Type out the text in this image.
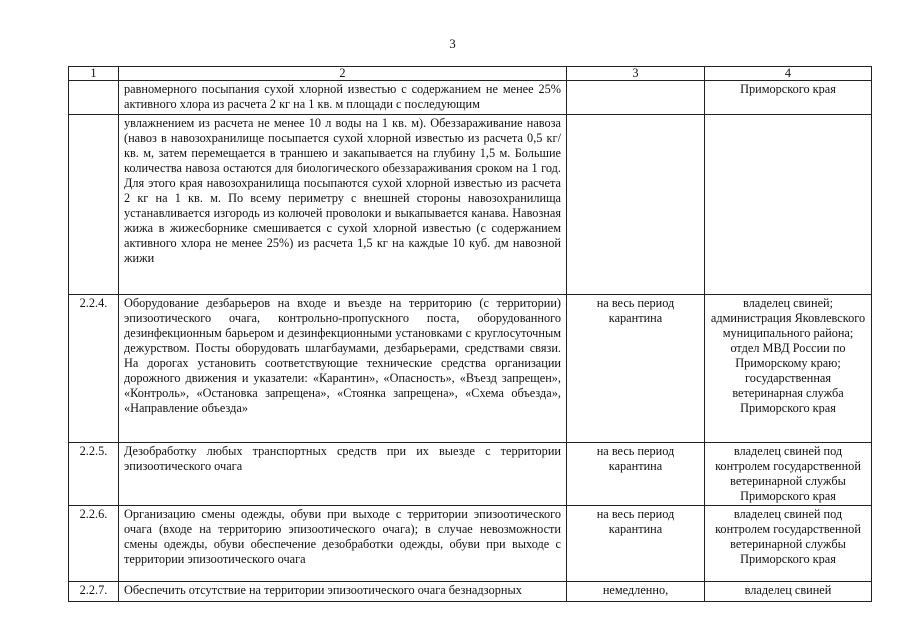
3
1	2	3	4
	равномерного посыпания сухой хлорной известью с содержанием не менее 25% активного хлора из расчета 2 кг на 1 кв. м площади с последующим		Приморского края
	увлажнением из расчета не менее 10 л воды на 1 кв. м). Обеззараживание навоза (навоз в навозохранилище посыпается сухой хлорной известью из расчета 0,5 кг/кв. м, затем перемещается в траншею и закапывается на глубину 1,5 м. Большие количества навоза остаются для биологического обеззараживания сроком на 1 год. Для этого края навозохранилища посыпаются сухой хлорной известью из расчета 2 кг на 1 кв. м. По всему периметру с внешней стороны навозохранилища устанавливается изгородь из колючей проволоки и выкапывается канава. Навозная жижа в жижесборнике смешивается с сухой хлорной известью (с содержанием активного хлора не менее 25%) из расчета 1,5 кг на каждые 10 куб. дм навозной жижи		
2.2.4.	Оборудование дезбарьеров на входе и въезде на территорию (с территории) эпизоотического очага, контрольно-пропускного поста, оборудованного дезинфекционным барьером и дезинфекционными установками с круглосуточным дежурством. Посты оборудовать шлагбаумами, дезбарьерами, средствами связи. На дорогах установить соответствующие технические средства организации дорожного движения и указатели: «Карантин», «Опасность», «Въезд запрещен», «Контроль», «Остановка запрещена», «Стоянка запрещена», «Схема объезда», «Направление объезда»	на весь период карантина	владелец свиней; администрация Яковлевского муниципального района; отдел МВД России по Приморскому краю; государственная ветеринарная служба Приморского края
2.2.5.	Дезобработку любых транспортных средств при их выезде с территории эпизоотического очага	на весь период карантина	владелец свиней под контролем государственной ветеринарной службы Приморского края
2.2.6.	Организацию смены одежды, обуви при выходе с территории эпизоотического очага (входе на территорию эпизоотического очага); в случае невозможности смены одежды, обуви обеспечение дезобработки одежды, обуви при выходе с территории эпизоотического очага	на весь период карантина	владелец свиней под контролем государственной ветеринарной службы Приморского края
2.2.7.	Обеспечить отсутствие на территории эпизоотического очага безнадзорных	немедленно,	владелец свиней
